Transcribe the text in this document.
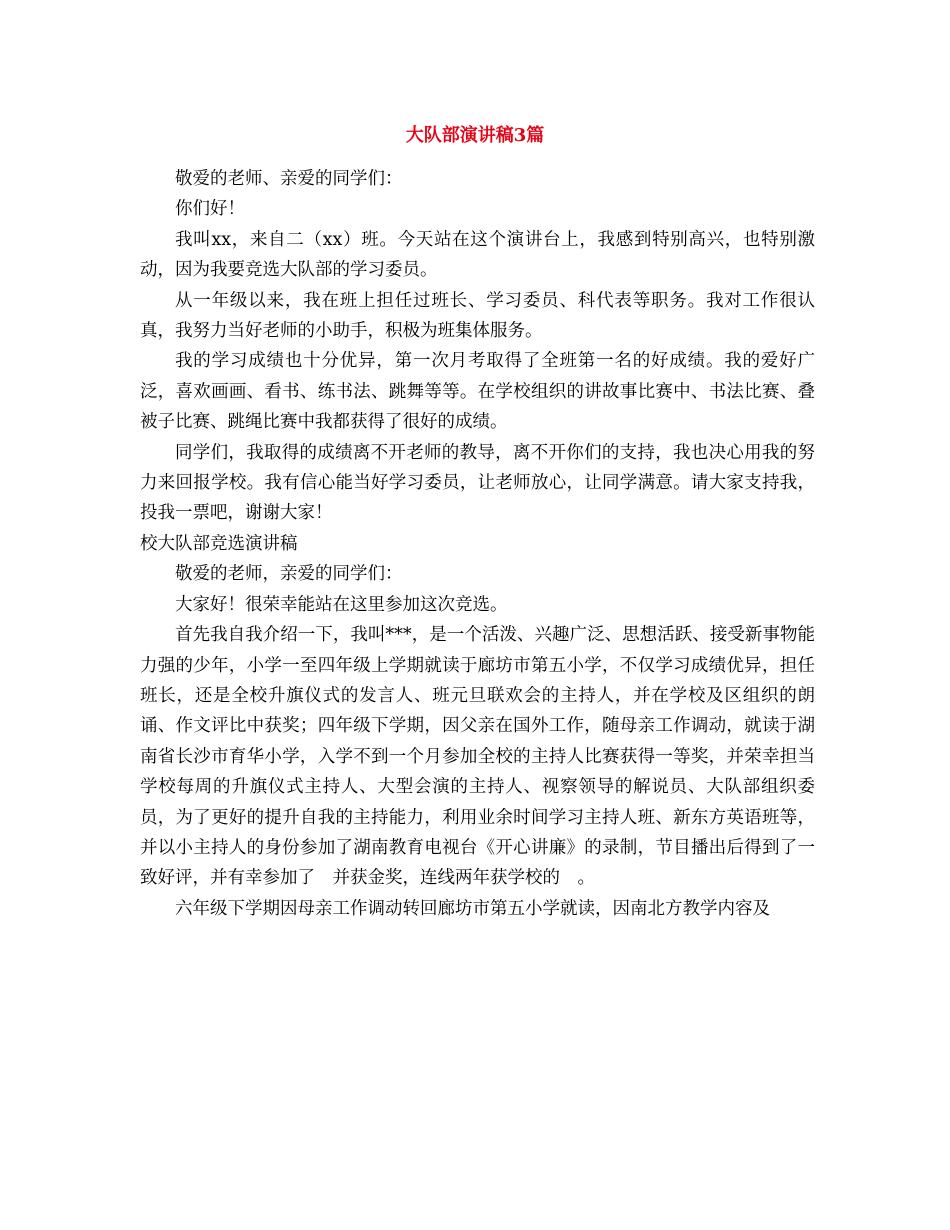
大队部演讲稿3篇

敬爱的老师、亲爱的同学们：

你们好！

我叫xx，来自二（xx）班。今天站在这个演讲台上，我感到特别高兴，也特别激动，因为我要竞选大队部的学习委员。

从一年级以来，我在班上担任过班长、学习委员、科代表等职务。我对工作很认真，我努力当好老师的小助手，积极为班集体服务。

我的学习成绩也十分优异，第一次月考取得了全班第一名的好成绩。我的爱好广泛，喜欢画画、看书、练书法、跳舞等等。在学校组织的讲故事比赛中、书法比赛、叠被子比赛、跳绳比赛中我都获得了很好的成绩。

同学们，我取得的成绩离不开老师的教导，离不开你们的支持，我也决心用我的努力来回报学校。我有信心能当好学习委员，让老师放心，让同学满意。请大家支持我，投我一票吧，谢谢大家！

校大队部竞选演讲稿

敬爱的老师，亲爱的同学们：

大家好！很荣幸能站在这里参加这次竞选。

首先我自我介绍一下，我叫***，是一个活泼、兴趣广泛、思想活跃、接受新事物能力强的少年，小学一至四年级上学期就读于廊坊市第五小学，不仅学习成绩优异，担任班长，还是全校升旗仪式的发言人、班元旦联欢会的主持人，并在学校及区组织的朗诵、作文评比中获奖；四年级下学期，因父亲在国外工作，随母亲工作调动，就读于湖南省长沙市育华小学，入学不到一个月参加全校的主持人比赛获得一等奖，并荣幸担当学校每周的升旗仪式主持人、大型会演的主持人、视察领导的解说员、大队部组织委员，为了更好的提升自我的主持能力，利用业余时间学习主持人班、新东方英语班等，并以小主持人的身份参加了湖南教育电视台《开心讲廉》的录制，节目播出后得到了一致好评，并有幸参加了　并获金奖，连线两年获学校的　。

六年级下学期因母亲工作调动转回廊坊市第五小学就读，因南北方教学内容及
